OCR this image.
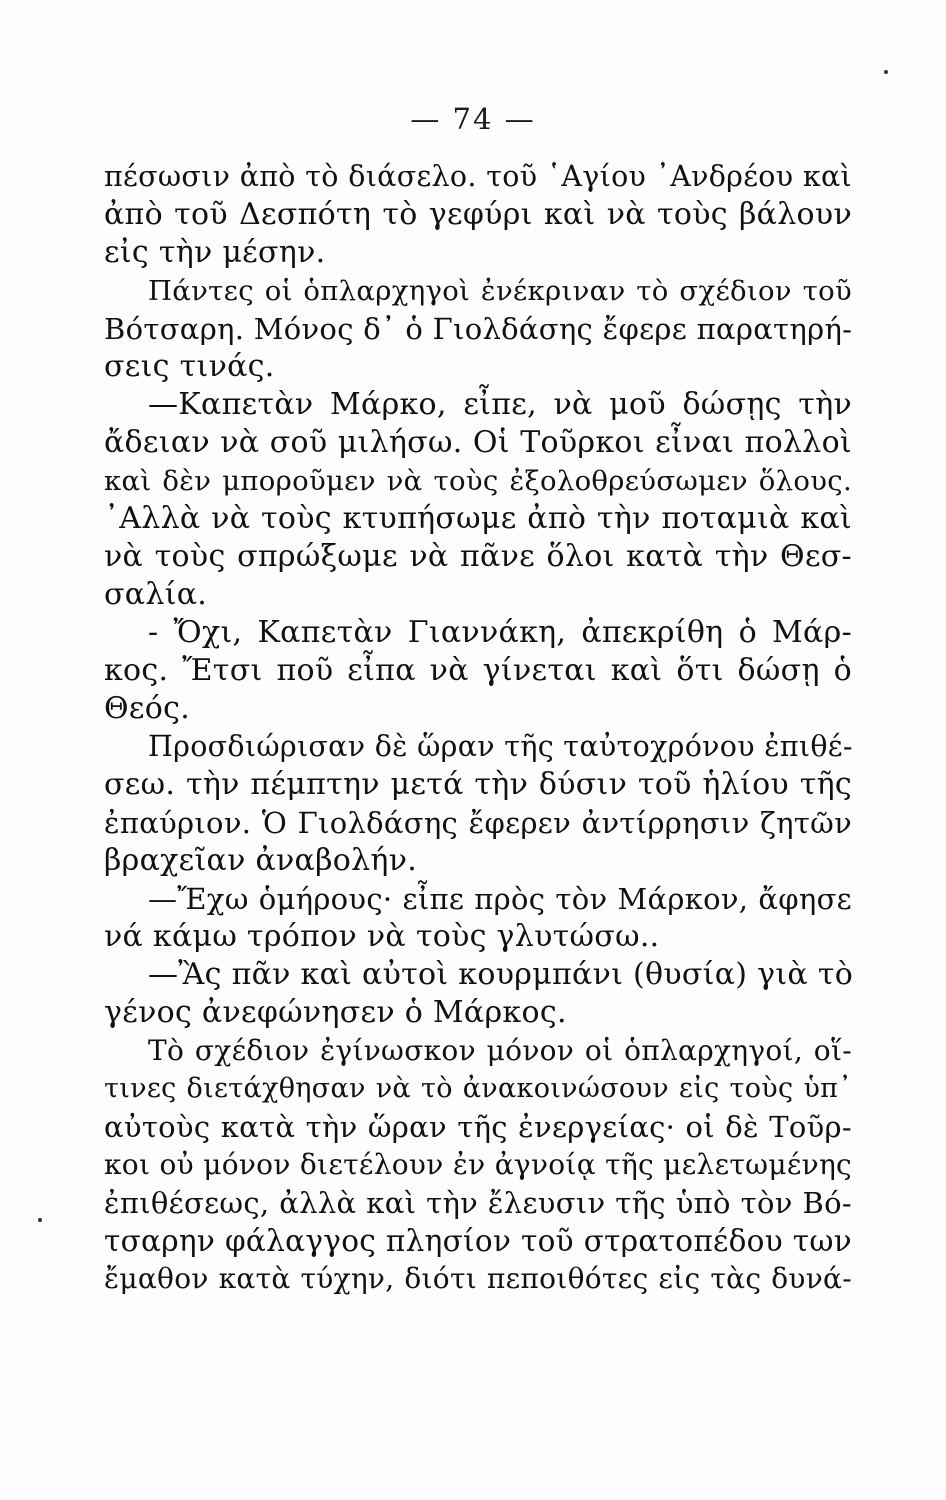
— 74 —
πέσωσιν ἀπὸ τὸ διάσελο. τοῦ ῾Αγίου ᾿Ανδρέου καὶ
ἀπὸ τοῦ Δεσπότη τὸ γεφύρι καὶ νὰ τοὺς βάλουν
εἰς τὴν μέσην.
Πάντες οἱ ὁπλαρχηγοὶ ἐνέκριναν τὸ σχέδιον τοῦ
Βότσαρη. Μόνος δ᾿ ὁ Γιολδάσης ἔφερε παρατηρή-
σεις τινάς.
—Καπετὰν Μάρκο, εἶπε, νὰ μοῦ δώσῃς τὴν
ἄδειαν νὰ σοῦ μιλήσω. Οἱ Τοῦρκοι εἶναι πολλοὶ
καὶ δὲν μποροῦμεν νὰ τοὺς ἐξολοθρεύσωμεν ὅλους.
᾿Αλλὰ νὰ τοὺς κτυπήσωμε ἀπὸ τὴν ποταμιὰ καὶ
νὰ τοὺς σπρώξωμε νὰ πᾶνε ὅλοι κατὰ τὴν Θεσ-
σαλία.
- Ὄχι, Καπετὰν Γιαννάκη, ἀπεκρίθη ὁ Μάρ-
κος. Ἔτσι ποῦ εἶπα νὰ γίνεται καὶ ὅτι δώσῃ ὁ
Θεός.
Προσδιώρισαν δὲ ὥραν τῆς ταὐτοχρόνου ἐπιθέ-
σεω. τὴν πέμπτην μετά τὴν δύσιν τοῦ ἡλίου τῆς
ἐπαύριον. Ὁ Γιολδάσης ἔφερεν ἀντίρρησιν ζητῶν
βραχεῖαν ἀναβολήν.
—Ἔχω ὁμήρους· εἶπε πρὸς τὸν Μάρκον, ἄφησε
νά κάμω τρόπον νὰ τοὺς γλυτώσω..
—Ἂς πᾶν καὶ αὐτοὶ κουρμπάνι (θυσία) γιὰ τὸ
γένος ἀνεφώνησεν ὁ Μάρκος.
Τὸ σχέδιον ἐγίνωσκον μόνον οἱ ὁπλαρχηγοί, οἵ-
τινες διετάχθησαν νὰ τὸ ἀνακοινώσουν εἰς τοὺς ὑπ᾿
αὐτοὺς κατὰ τὴν ὥραν τῆς ἐνεργείας· οἱ δὲ Τοῦρ-
κοι οὐ μόνον διετέλουν ἐν ἀγνοίᾳ τῆς μελετωμένης
ἐπιθέσεως, ἀλλὰ καὶ τὴν ἔλευσιν τῆς ὑπὸ τὸν Βό-
τσαρην φάλαγγος πλησίον τοῦ στρατοπέδου των
ἔμαθον κατὰ τύχην, διότι πεποιθότες εἰς τὰς δυνά-
